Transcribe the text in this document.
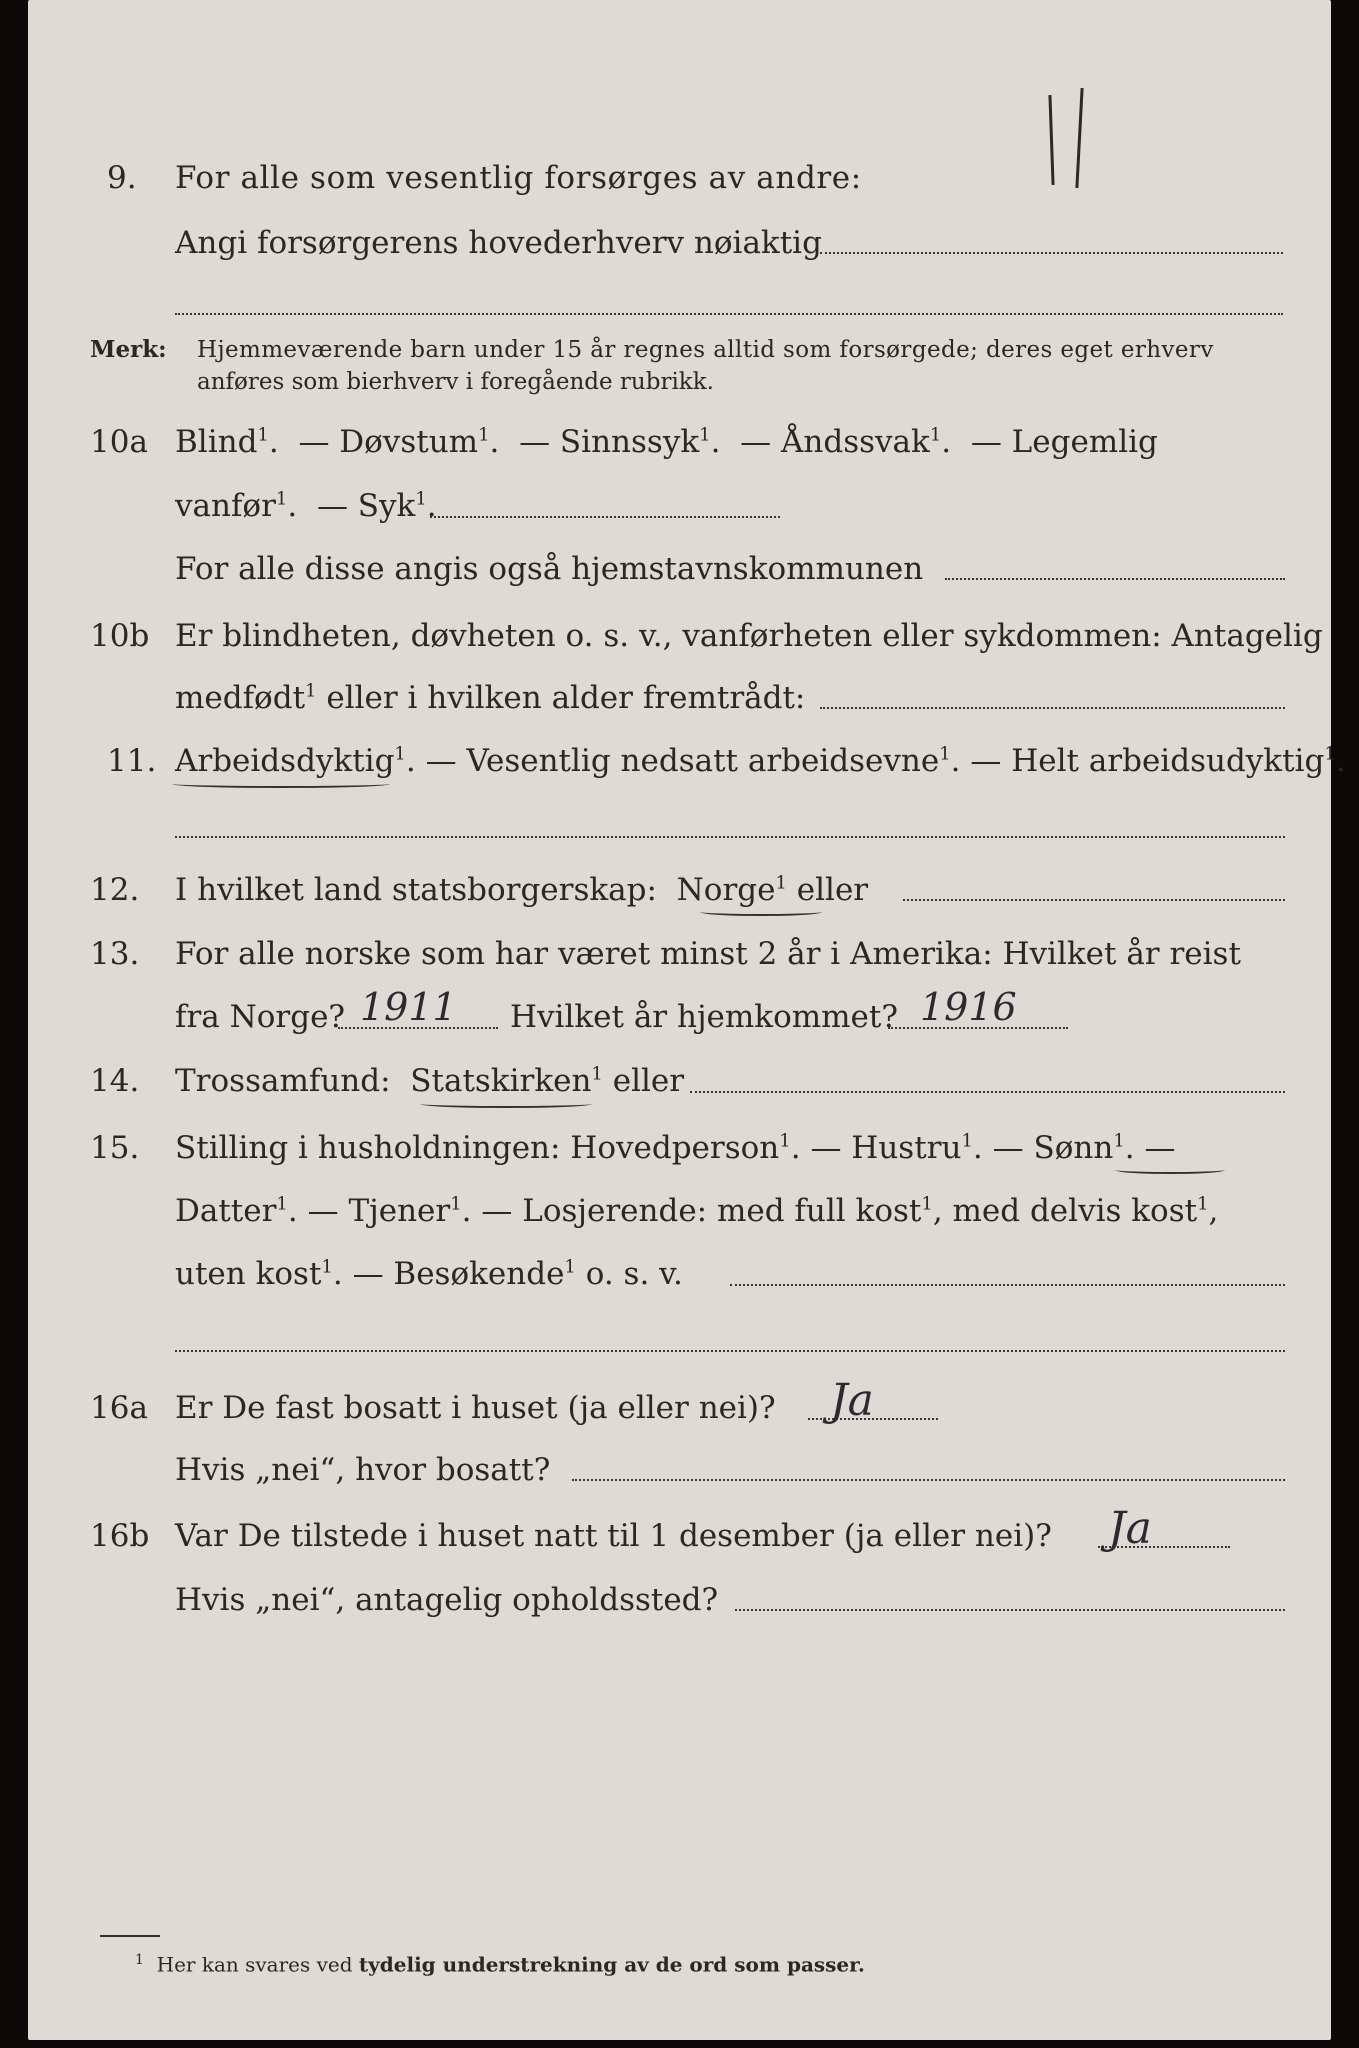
9. For alle som vesentlig forsørges av andre:
Angi forsørgerens hovederhverv nøiaktig
Merk: Hjemmeværende barn under 15 år regnes alltid som forsørgede; deres eget erhverv
anføres som bierhverv i foregående rubrikk.
10a Blind$^1$.  — Døvstum$^1$.  — Sinnssyk$^1$.  — Åndssvak$^1$.  — Legemlig
vanfør$^1$.  — Syk$^1$.
For alle disse angis også hjemstavnskommunen
10b Er blindheten, døvheten o. s. v., vanførheten eller sykdommen: Antagelig
medfødt$^1$ eller i hvilken alder fremtrådt:
11. Arbeidsdyktig$^1$. — Vesentlig nedsatt arbeidsevne$^1$. — Helt arbeidsudyktig$^1$.
12. I hvilket land statsborgerskap: Norge$^1$ eller
13. For alle norske som har været minst 2 år i Amerika: Hvilket år reist
fra Norge? 1911 Hvilket år hjemkommet? 1916
14. Trossamfund: Statskirken$^1$ eller
15. Stilling i husholdningen: Hovedperson$^1$. — Hustru$^1$. — Sønn$^1$. —
Datter$^1$. — Tjener$^1$. — Losjerende: med full kost$^1$, med delvis kost$^1$,
uten kost$^1$. — Besøkende$^1$ o. s. v.
16a Er De fast bosatt i huset (ja eller nei)? Ja
Hvis „nei“, hvor bosatt?
16b Var De tilstede i huset natt til 1 desember (ja eller nei)? Ja
Hvis „nei“, antagelig opholdssted?
$^1$ Her kan svares ved tydelig understrekning av de ord som passer.
